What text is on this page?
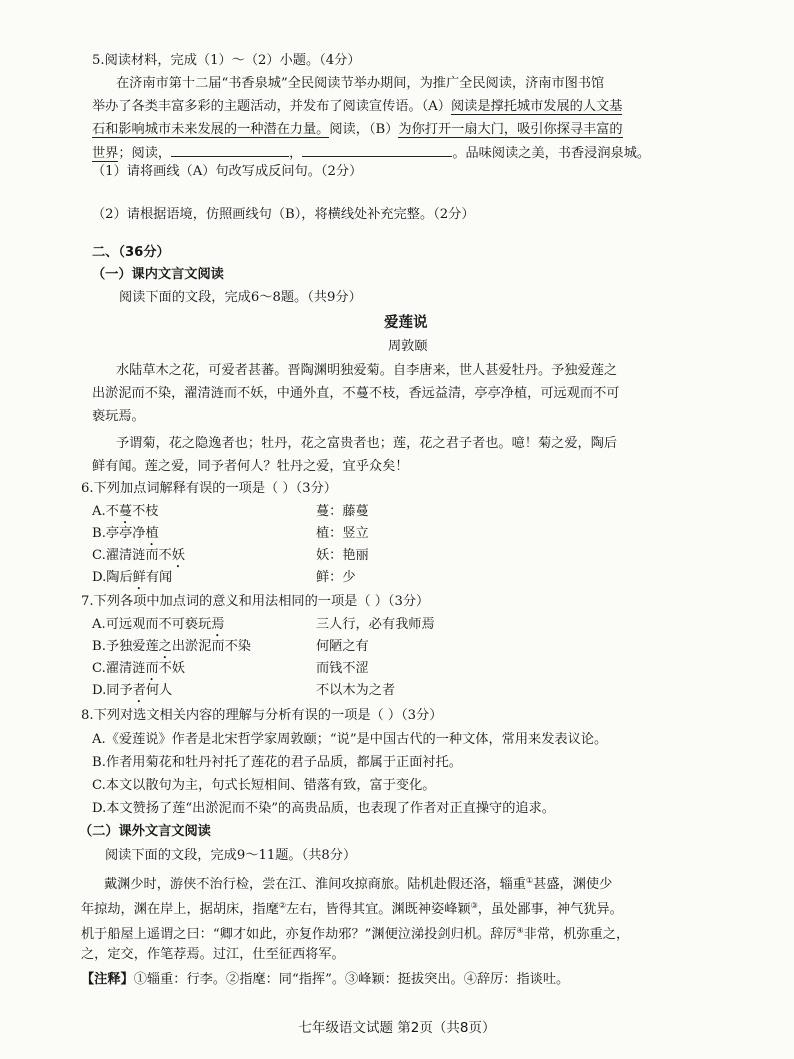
5.阅读材料，完成（1）～（2）小题。（4分）
在济南市第十二届“书香泉城”全民阅读节举办期间，为推广全民阅读，济南市图书馆
举办了各类丰富多彩的主题活动，并发布了阅读宣传语。（A）阅读是撑托城市发展的人文基
石和影响城市未来发展的一种潜在力量。阅读，（B）为你打开一扇大门，吸引你探寻丰富的
世界；阅读，	，	。品味阅读之美，书香浸润泉城。
（1）请将画线（A）句改写成反问句。（2分）
（2）请根据语境，仿照画线句（B），将横线处补充完整。（2分）
二、（36分）
（一）课内文言文阅读
阅读下面的文段，完成6～8题。（共9分）
爱莲说
周敦颐
水陆草木之花，可爱者甚蕃。晋陶渊明独爱菊。自李唐来，世人甚爱牡丹。予独爱莲之
出淤泥而不染，濯清涟而不妖，中通外直，不蔓不枝，香远益清，亭亭净植，可远观而不可
亵玩焉。
予谓菊，花之隐逸者也；牡丹，花之富贵者也；莲，花之君子者也。噫！菊之爱，陶后
鲜有闻。莲之爱，同予者何人？牡丹之爱，宜乎众矣！
6.下列加点词解释有误的一项是（ ）（3分）
A.不蔓不枝	蔓：藤蔓
B.亭亭净植	植：竖立
C.濯清涟而不妖	妖：艳丽
D.陶后鲜有闻	鲜：少
7.下列各项中加点词的意义和用法相同的一项是（ ）（3分）
A.可远观而不可亵玩焉	三人行，必有我师焉
B.予独爱莲之出淤泥而不染	何陋之有
C.濯清涟而不妖	而钱不涩
D.同予者何人	不以木为之者
8.下列对选文相关内容的理解与分析有误的一项是（ ）（3分）
A.《爱莲说》作者是北宋哲学家周敦颐；“说”是中国古代的一种文体，常用来发表议论。
B.作者用菊花和牡丹衬托了莲花的君子品质，都属于正面衬托。
C.本文以散句为主，句式长短相间、错落有致，富于变化。
D.本文赞扬了莲“出淤泥而不染”的高贵品质，也表现了作者对正直操守的追求。
（二）课外文言文阅读
阅读下面的文段，完成9～11题。（共8分）
戴渊少时，游侠不治行检，尝在江、淮间攻掠商旅。陆机赴假还洛，辎重①甚盛，渊使少
年掠劫，渊在岸上，据胡床，指麾②左右，皆得其宜。渊既神姿峰颖③，虽处鄙事，神气犹异。
机于船屋上遥谓之曰：“卿才如此，亦复作劫邪？”渊便泣涕投剑归机。辞厉④非常，机弥重之，
之，定交，作笔荐焉。过江，仕至征西将军。
【注释】①辎重：行李。②指麾：同“指挥”。③峰颖：挺拔突出。④辞厉：指谈吐。
七年级语文试题 第2页（共8页）
